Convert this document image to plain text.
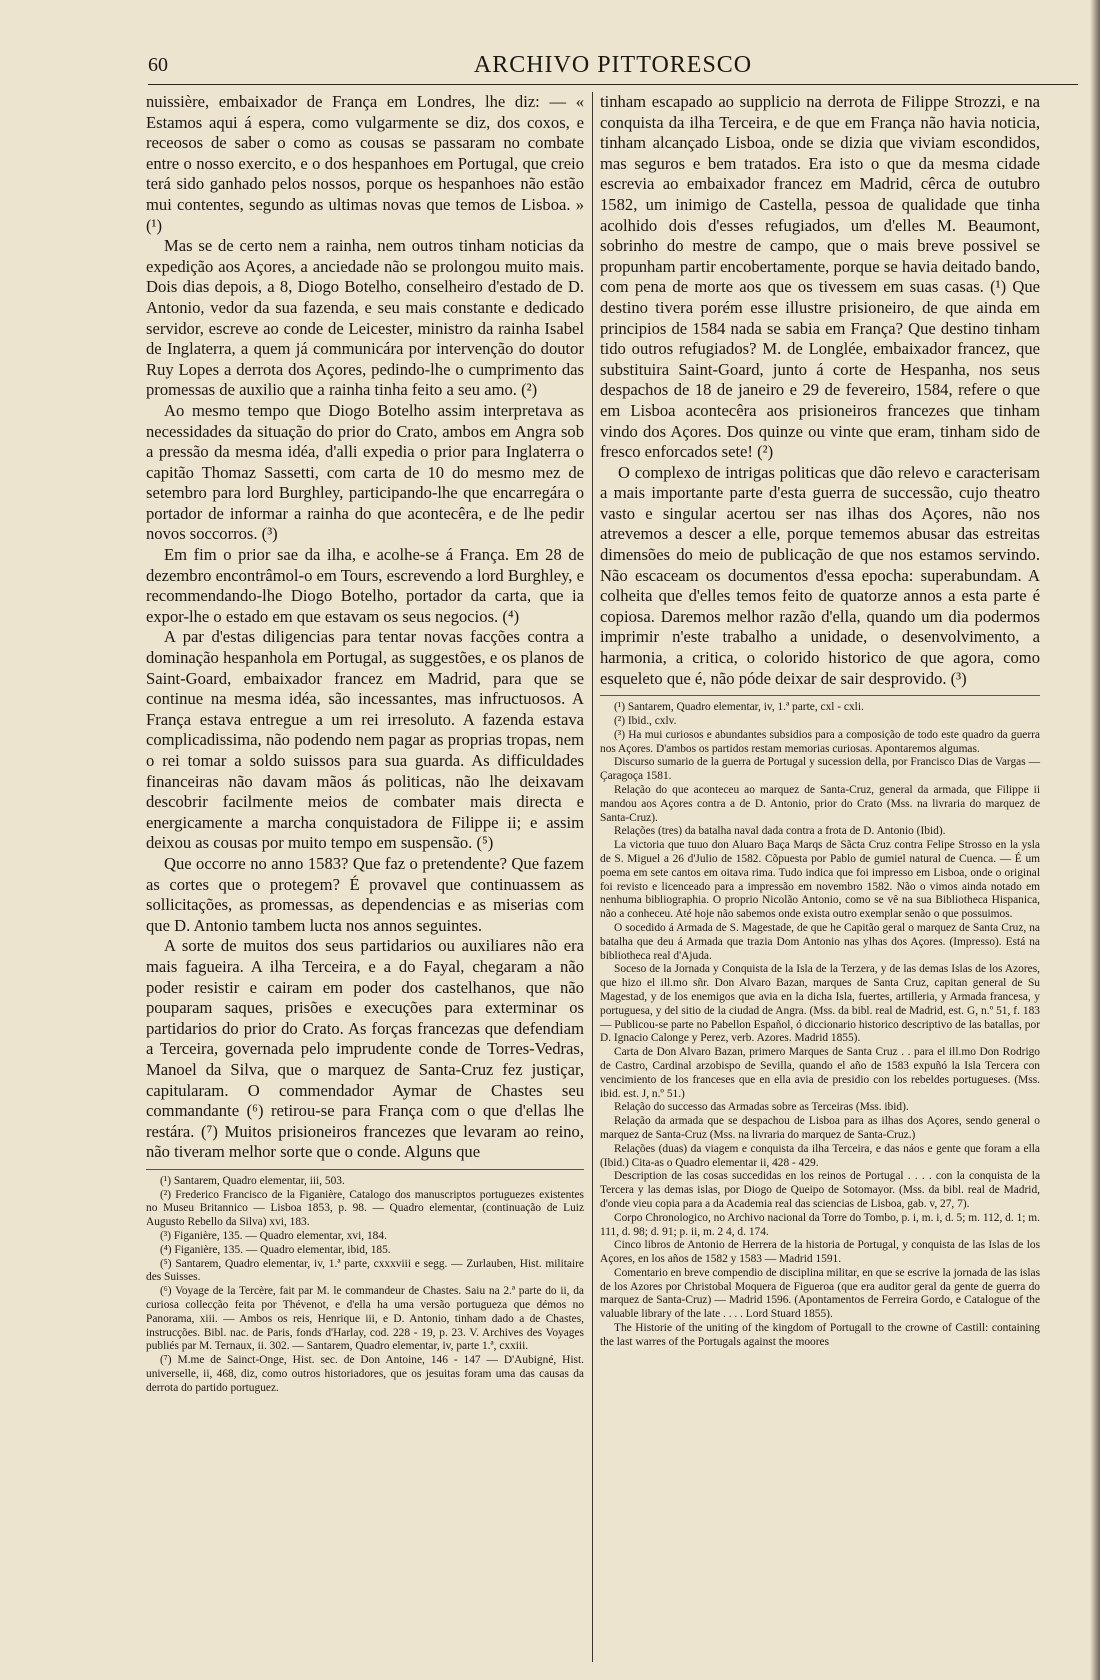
60	ARCHIVO PITTORESCO

nuissière, embaixador de França em Londres, lhe diz: — « Estamos aqui á espera, como vulgarmente se diz, dos coxos, e receosos de saber o como as cousas se passaram no combate entre o nosso exercito, e o dos hespanhoes em Portugal, que creio terá sido ganhado pelos nossos, porque os hespanhoes não estão mui contentes, segundo as ultimas novas que temos de Lisboa. » (¹)

Mas se de certo nem a rainha, nem outros tinham noticias da expedição aos Açores, a anciedade não se prolongou muito mais. Dois dias depois, a 8, Diogo Botelho, conselheiro d'estado de D. Antonio, vedor da sua fazenda, e seu mais constante e dedicado servidor, escreve ao conde de Leicester, ministro da rainha Isabel de Inglaterra, a quem já communicára por intervenção do doutor Ruy Lopes a derrota dos Açores, pedindo-lhe o cumprimento das promessas de auxilio que a rainha tinha feito a seu amo. (²)

Ao mesmo tempo que Diogo Botelho assim interpretava as necessidades da situação do prior do Crato, ambos em Angra sob a pressão da mesma idéa, d'alli expedia o prior para Inglaterra o capitão Thomaz Sassetti, com carta de 10 do mesmo mez de setembro para lord Burghley, participando-lhe que encarregára o portador de informar a rainha do que acontecêra, e de lhe pedir novos soccorros. (³)

Em fim o prior sae da ilha, e acolhe-se á França. Em 28 de dezembro encontrâmol-o em Tours, escrevendo a lord Burghley, e recommendando-lhe Diogo Botelho, portador da carta, que ia expor-lhe o estado em que estavam os seus negocios. (⁴)

A par d'estas diligencias para tentar novas facções contra a dominação hespanhola em Portugal, as suggestões, e os planos de Saint-Goard, embaixador francez em Madrid, para que se continue na mesma idéa, são incessantes, mas infructuosos. A França estava entregue a um rei irresoluto. A fazenda estava complicadissima, não podendo nem pagar as proprias tropas, nem o rei tomar a soldo suissos para sua guarda. As difficuldades financeiras não davam mãos ás politicas, não lhe deixavam descobrir facilmente meios de combater mais directa e energicamente a marcha conquistadora de Filippe ii; e assim deixou as cousas por muito tempo em suspensão. (⁵)

Que occorre no anno 1583? Que faz o pretendente? Que fazem as cortes que o protegem? É provavel que continuassem as sollicitações, as promessas, as dependencias e as miserias com que D. Antonio tambem lucta nos annos seguintes.

A sorte de muitos dos seus partidarios ou auxiliares não era mais fagueira. A ilha Terceira, e a do Fayal, chegaram a não poder resistir e cairam em poder dos castelhanos, que não pouparam saques, prisões e execuções para exterminar os partidarios do prior do Crato. As forças francezas que defendiam a Terceira, governada pelo imprudente conde de Torres-Vedras, Manoel da Silva, que o marquez de Santa-Cruz fez justiçar, capitularam. O commendador Aymar de Chastes seu commandante (⁶) retirou-se para França com o que d'ellas lhe restára. (⁷) Muitos prisioneiros francezes que levaram ao reino, não tiveram melhor sorte que o conde. Alguns que

(¹) Santarem, Quadro elementar, iii, 503.

(²) Frederico Francisco de la Figanière, Catalogo dos manuscriptos portuguezes existentes no Museu Britannico — Lisboa 1853, p. 98. — Quadro elementar, (continuação de Luiz Augusto Rebello da Silva) xvi, 183.

(³) Figanière, 135. — Quadro elementar, xvi, 184.

(⁴) Figanière, 135. — Quadro elementar, ibid, 185.

(⁵) Santarem, Quadro elementar, iv, 1.ª parte, cxxxviii e segg. — Zurlauben, Hist. militaire des Suisses.

(⁶) Voyage de la Tercère, fait par M. le commandeur de Chastes. Saiu na 2.ª parte do ii, da curiosa collecção feita por Thévenot, e d'ella ha uma versão portugueza que démos no Panorama, xiii. — Ambos os reis, Henrique iii, e D. Antonio, tinham dado a de Chastes, instrucções. Bibl. nac. de Paris, fonds d'Harlay, cod. 228 - 19, p. 23. V. Archives des Voyages publiés par M. Ternaux, ii. 302. — Santarem, Quadro elementar, iv, parte 1.ª, cxxiii.

(⁷) M.me de Sainct-Onge, Hist. sec. de Don Antoine, 146 - 147 — D'Aubigné, Hist. universelle, ii, 468, diz, como outros historiadores, que os jesuitas foram uma das causas da derrota do partido portuguez.

tinham escapado ao supplicio na derrota de Filippe Strozzi, e na conquista da ilha Terceira, e de que em França não havia noticia, tinham alcançado Lisboa, onde se dizia que viviam escondidos, mas seguros e bem tratados. Era isto o que da mesma cidade escrevia ao embaixador francez em Madrid, cêrca de outubro 1582, um inimigo de Castella, pessoa de qualidade que tinha acolhido dois d'esses refugiados, um d'elles M. Beaumont, sobrinho do mestre de campo, que o mais breve possivel se propunham partir encobertamente, porque se havia deitado bando, com pena de morte aos que os tivessem em suas casas. (¹) Que destino tivera porém esse illustre prisioneiro, de que ainda em principios de 1584 nada se sabia em França? Que destino tinham tido outros refugiados? M. de Longlée, embaixador francez, que substituira Saint-Goard, junto á corte de Hespanha, nos seus despachos de 18 de janeiro e 29 de fevereiro, 1584, refere o que em Lisboa acontecêra aos prisioneiros francezes que tinham vindo dos Açores. Dos quinze ou vinte que eram, tinham sido de fresco enforcados sete! (²)

O complexo de intrigas politicas que dão relevo e caracterisam a mais importante parte d'esta guerra de successão, cujo theatro vasto e singular acertou ser nas ilhas dos Açores, não nos atrevemos a descer a elle, porque tememos abusar das estreitas dimensões do meio de publicação de que nos estamos servindo. Não escaceam os documentos d'essa epocha: superabundam. A colheita que d'elles temos feito de quatorze annos a esta parte é copiosa. Daremos melhor razão d'ella, quando um dia podermos imprimir n'este trabalho a unidade, o desenvolvimento, a harmonia, a critica, o colorido historico de que agora, como esqueleto que é, não póde deixar de sair desprovido. (³)

(¹) Santarem, Quadro elementar, iv, 1.ª parte, cxl - cxli.

(²) Ibid., cxlv.

(³) Ha mui curiosos e abundantes subsidios para a composição de todo este quadro da guerra nos Açores. D'ambos os partidos restam memorias curiosas. Apontaremos algumas.

Discurso sumario de la guerra de Portugal y sucession della, por Francisco Dias de Vargas — Çaragoça 1581.

Relação do que aconteceu ao marquez de Santa-Cruz, general da armada, que Filippe ii mandou aos Açores contra a de D. Antonio, prior do Crato (Mss. na livraria do marquez de Santa-Cruz).

Relações (tres) da batalha naval dada contra a frota de D. Antonio (Ibid).

La victoria que tuuo don Aluaro Baça Marqs de Sãcta Cruz contra Felipe Strosso en la ysla de S. Miguel a 26 d'Julio de 1582. Cõpuesta por Pablo de gumiel natural de Cuenca. — É um poema em sete cantos em oitava rima. Tudo indica que foi impresso em Lisboa, onde o original foi revisto e licenceado para a impressão em novembro 1582. Não o vimos ainda notado em nenhuma bibliographia. O proprio Nicolão Antonio, como se vê na sua Bibliotheca Hispanica, não a conheceu. Até hoje não sabemos onde exista outro exemplar senão o que possuimos.

O socedido á Armada de S. Magestade, de que he Capitão geral o marquez de Santa Cruz, na batalha que deu á Armada que trazia Dom Antonio nas ylhas dos Açores. (Impresso). Está na bibliotheca real d'Ajuda.

Soceso de la Jornada y Conquista de la Isla de la Terzera, y de las demas Islas de los Azores, que hizo el ill.mo sñr. Don Alvaro Bazan, marques de Santa Cruz, capitan general de Su Magestad, y de los enemigos que avia en la dicha Isla, fuertes, artilleria, y Armada francesa, y portuguesa, y del sitio de la ciudad de Angra. (Mss. da bibl. real de Madrid, est. G, n.º 51, f. 183 — Publicou-se parte no Pabellon Español, ó diccionario historico descriptivo de las batallas, por D. Ignacio Calonge y Perez, verb. Azores. Madrid 1855).

Carta de Don Alvaro Bazan, primero Marques de Santa Cruz . . para el ill.mo Don Rodrigo de Castro, Cardinal arzobispo de Sevilla, quando el año de 1583 expuñó la Isla Tercera con vencimiento de los franceses que en ella avia de presidio con los rebeldes portugueses. (Mss. ibid. est. J, n.º 51.)

Relação do successo das Armadas sobre as Terceiras (Mss. ibid).

Relação da armada que se despachou de Lisboa para as ilhas dos Açores, sendo general o marquez de Santa-Cruz (Mss. na livraria do marquez de Santa-Cruz.)

Relações (duas) da viagem e conquista da ilha Terceira, e das náos e gente que foram a ella (Ibid.) Cita-as o Quadro elementar ii, 428 - 429.

Description de las cosas succedidas en los reinos de Portugal . . . . con la conquista de la Tercera y las demas islas, por Diogo de Queipo de Sotomayor. (Mss. da bibl. real de Madrid, d'onde vieu copia para a da Academia real das sciencias de Lisboa, gab. v, 27, 7).

Corpo Chronologico, no Archivo nacional da Torre do Tombo, p. i, m. i, d. 5; m. 112, d. 1; m. 111, d. 98; d. 91; p. ii, m. 2 4, d. 174.

Cinco libros de Antonio de Herrera de la historia de Portugal, y conquista de las Islas de los Açores, en los años de 1582 y 1583 — Madrid 1591.

Comentario en breve compendio de disciplina militar, en que se escrive la jornada de las islas de los Azores por Christobal Moquera de Figueroa (que era auditor geral da gente de guerra do marquez de Santa-Cruz) — Madrid 1596. (Apontamentos de Ferreira Gordo, e Catalogue of the valuable library of the late . . . . Lord Stuard 1855).

The Historie of the uniting of the kingdom of Portugall to the crowne of Castill: containing the last warres of the Portugals against the moores
